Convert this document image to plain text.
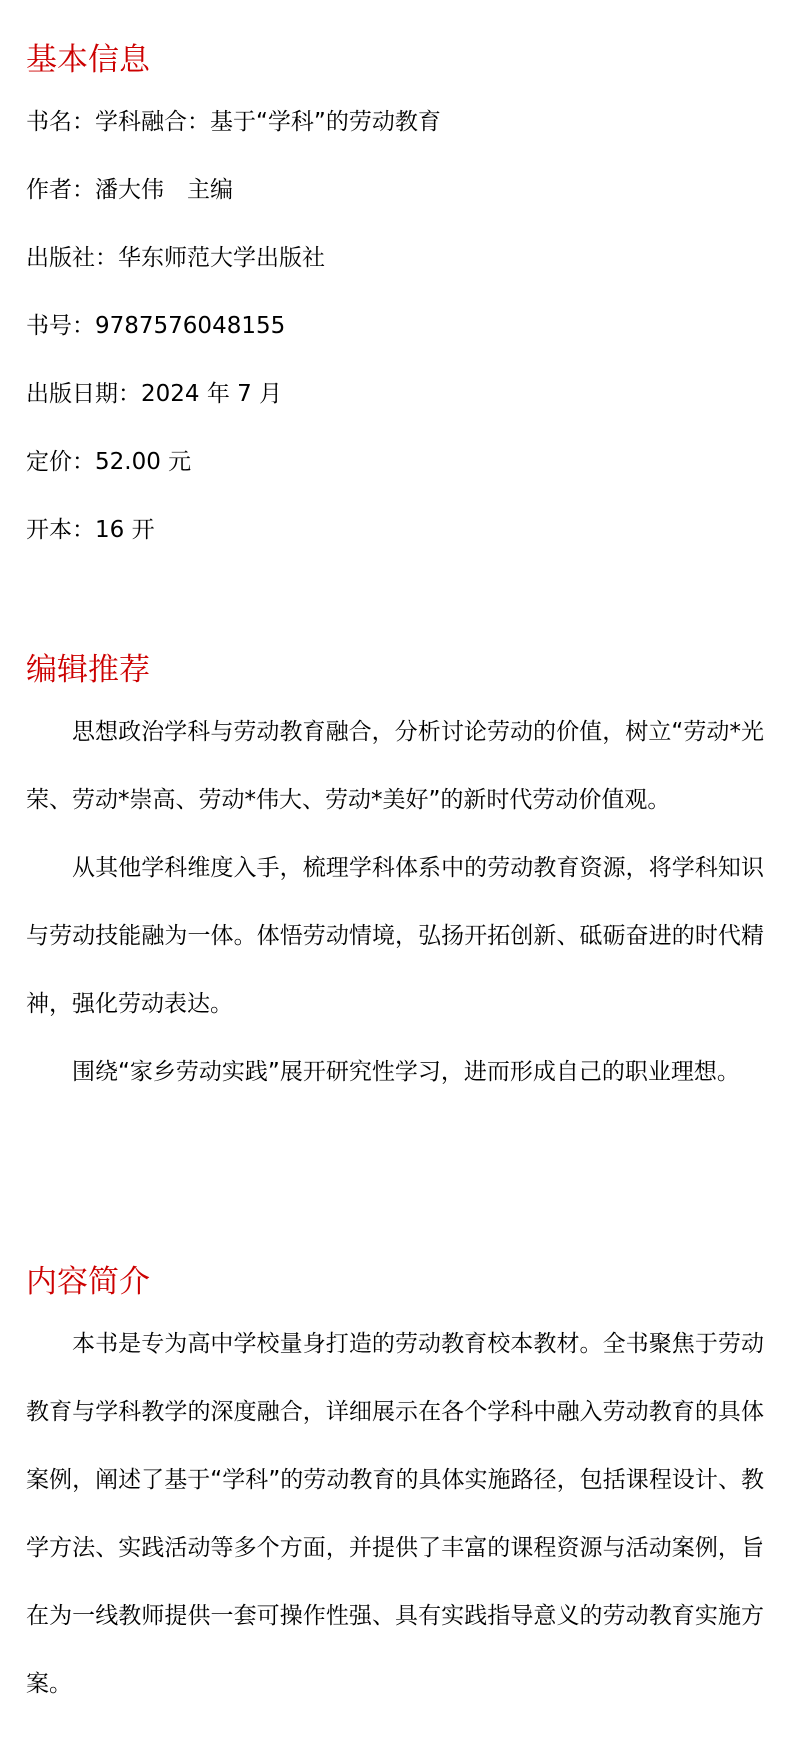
基本信息

书名：学科融合：基于“学科”的劳动教育

作者：潘大伟　主编

出版社：华东师范大学出版社

书号：9787576048155

出版日期：2024 年 7 月

定价：52.00 元

开本：16 开

编辑推荐

思想政治学科与劳动教育融合，分析讨论劳动的价值，树立“劳动*光荣、劳动*崇高、劳动*伟大、劳动*美好”的新时代劳动价值观。

从其他学科维度入手，梳理学科体系中的劳动教育资源，将学科知识与劳动技能融为一体。体悟劳动情境，弘扬开拓创新、砥砺奋进的时代精神，强化劳动表达。

围绕“家乡劳动实践”展开研究性学习，进而形成自己的职业理想。

内容简介

本书是专为高中学校量身打造的劳动教育校本教材。全书聚焦于劳动教育与学科教学的深度融合，详细展示在各个学科中融入劳动教育的具体案例，阐述了基于“学科”的劳动教育的具体实施路径，包括课程设计、教学方法、实践活动等多个方面，并提供了丰富的课程资源与活动案例，旨在为一线教师提供一套可操作性强、具有实践指导意义的劳动教育实施方案。
